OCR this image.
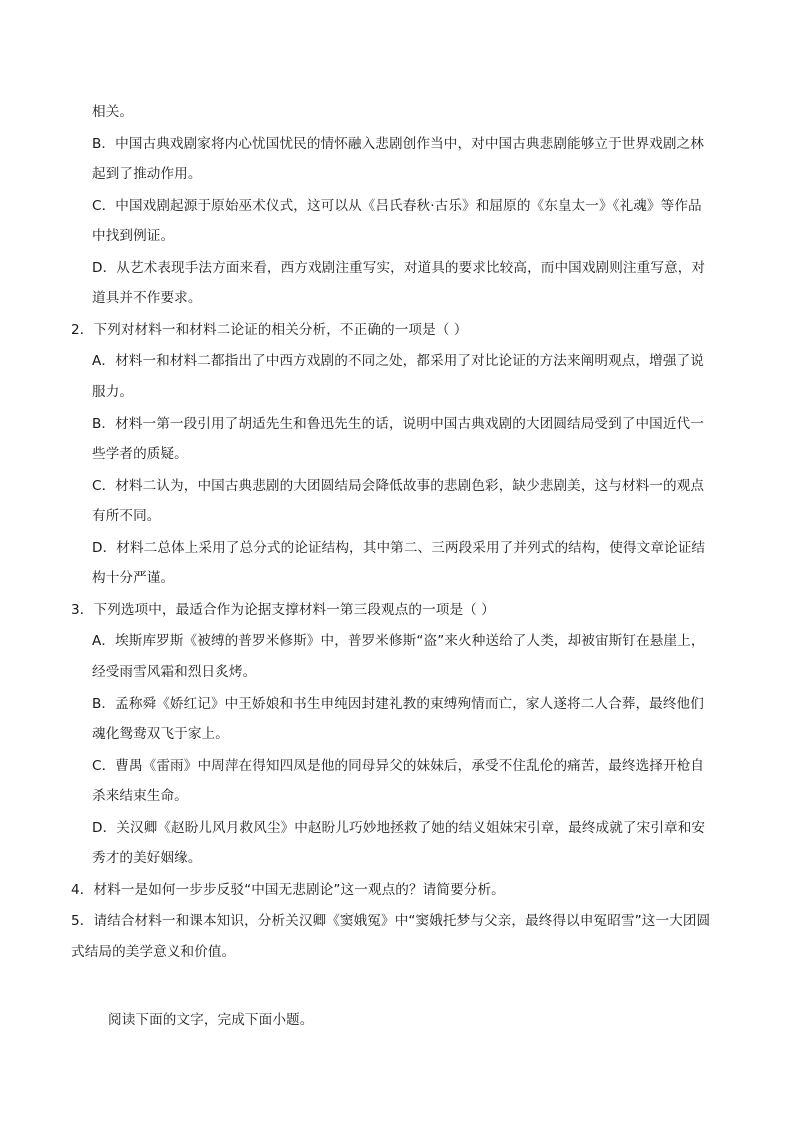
相关。
B．中国古典戏剧家将内心忧国忧民的情怀融入悲剧创作当中，对中国古典悲剧能够立于世界戏剧之林
起到了推动作用。
C．中国戏剧起源于原始巫术仪式，这可以从《吕氏春秋·古乐》和屈原的《东皇太一》《礼魂》等作品
中找到例证。
D．从艺术表现手法方面来看，西方戏剧注重写实，对道具的要求比较高，而中国戏剧则注重写意，对
道具并不作要求。
2．下列对材料一和材料二论证的相关分析，不正确的一项是（ ）
A．材料一和材料二都指出了中西方戏剧的不同之处，都采用了对比论证的方法来阐明观点，增强了说
服力。
B．材料一第一段引用了胡适先生和鲁迅先生的话，说明中国古典戏剧的大团圆结局受到了中国近代一
些学者的质疑。
C．材料二认为，中国古典悲剧的大团圆结局会降低故事的悲剧色彩，缺少悲剧美，这与材料一的观点
有所不同。
D．材料二总体上采用了总分式的论证结构，其中第二、三两段采用了并列式的结构，使得文章论证结
构十分严谨。
3．下列选项中，最适合作为论据支撑材料一第三段观点的一项是（ ）
A．埃斯库罗斯《被缚的普罗米修斯》中，普罗米修斯“盗”来火种送给了人类，却被宙斯钉在悬崖上，
经受雨雪风霜和烈日炙烤。
B．孟称舜《娇红记》中王娇娘和书生申纯因封建礼教的束缚殉情而亡，家人遂将二人合葬，最终他们
魂化鸳鸯双飞于家上。
C．曹禺《雷雨》中周萍在得知四凤是他的同母异父的妹妹后，承受不住乱伦的痛苦，最终选择开枪自
杀来结束生命。
D．关汉卿《赵盼儿风月救风尘》中赵盼儿巧妙地拯救了她的结义姐妹宋引章，最终成就了宋引章和安
秀才的美好姻缘。
4．材料一是如何一步步反驳“中国无悲剧论”这一观点的？请简要分析。
5．请结合材料一和课本知识，分析关汉卿《窦娥冤》中“窦娥托梦与父亲，最终得以申冤昭雪”这一大团圆
式结局的美学意义和价值。
阅读下面的文字，完成下面小题。
